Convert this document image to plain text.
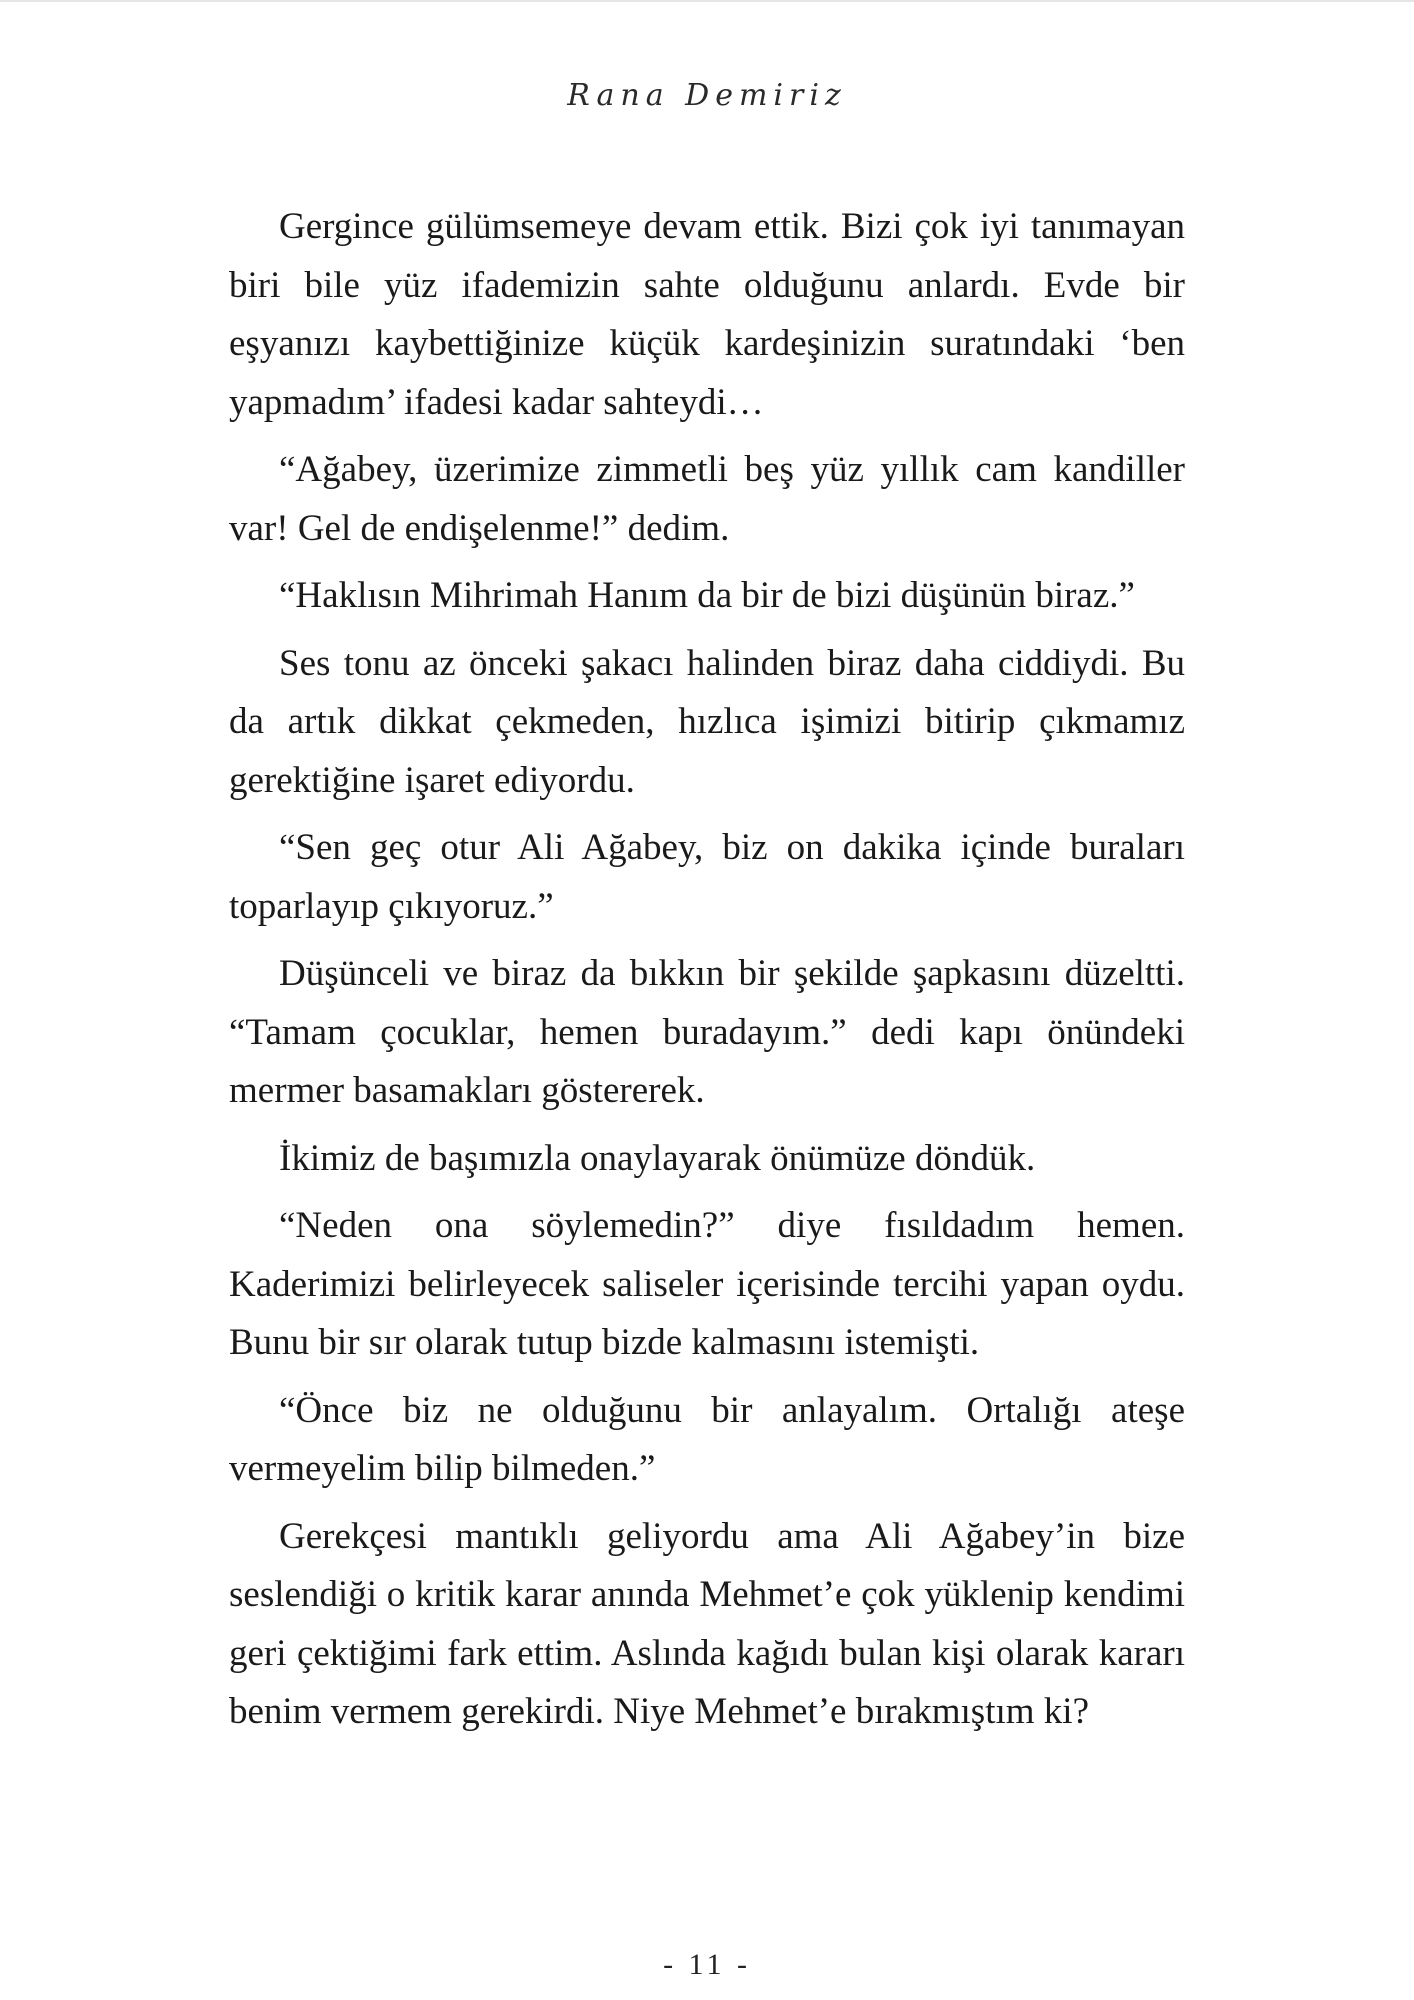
Rana Demiriz

Gergince gülümsemeye devam ettik. Bizi çok iyi tanımayan biri bile yüz ifademizin sahte olduğunu anlardı. Evde bir eşyanızı kaybettiğinize küçük kardeşinizin suratındaki ‘ben yapmadım’ ifadesi kadar sahteydi…

“Ağabey, üzerimize zimmetli beş yüz yıllık cam kandiller var! Gel de endişelenme!” dedim.

“Haklısın Mihrimah Hanım da bir de bizi düşünün biraz.”

Ses tonu az önceki şakacı halinden biraz daha ciddiydi. Bu da artık dikkat çekmeden, hızlıca işimizi bitirip çıkmamız gerektiğine işaret ediyordu.

“Sen geç otur Ali Ağabey, biz on dakika içinde buraları toparlayıp çıkıyoruz.”

Düşünceli ve biraz da bıkkın bir şekilde şapkasını düzeltti. “Tamam çocuklar, hemen buradayım.” dedi kapı önündeki mermer basamakları göstererek.

İkimiz de başımızla onaylayarak önümüze döndük.

“Neden ona söylemedin?” diye fısıldadım hemen. Kaderimizi belirleyecek saliseler içerisinde tercihi yapan oydu. Bunu bir sır olarak tutup bizde kalmasını istemişti.

“Önce biz ne olduğunu bir anlayalım. Ortalığı ateşe vermeyelim bilip bilmeden.”

Gerekçesi mantıklı geliyordu ama Ali Ağabey’in bize seslendiği o kritik karar anında Mehmet’e çok yüklenip kendimi geri çektiğimi fark ettim. Aslında kağıdı bulan kişi olarak kararı benim vermem gerekirdi. Niye Mehmet’e bırakmıştım ki?

- 11 -
